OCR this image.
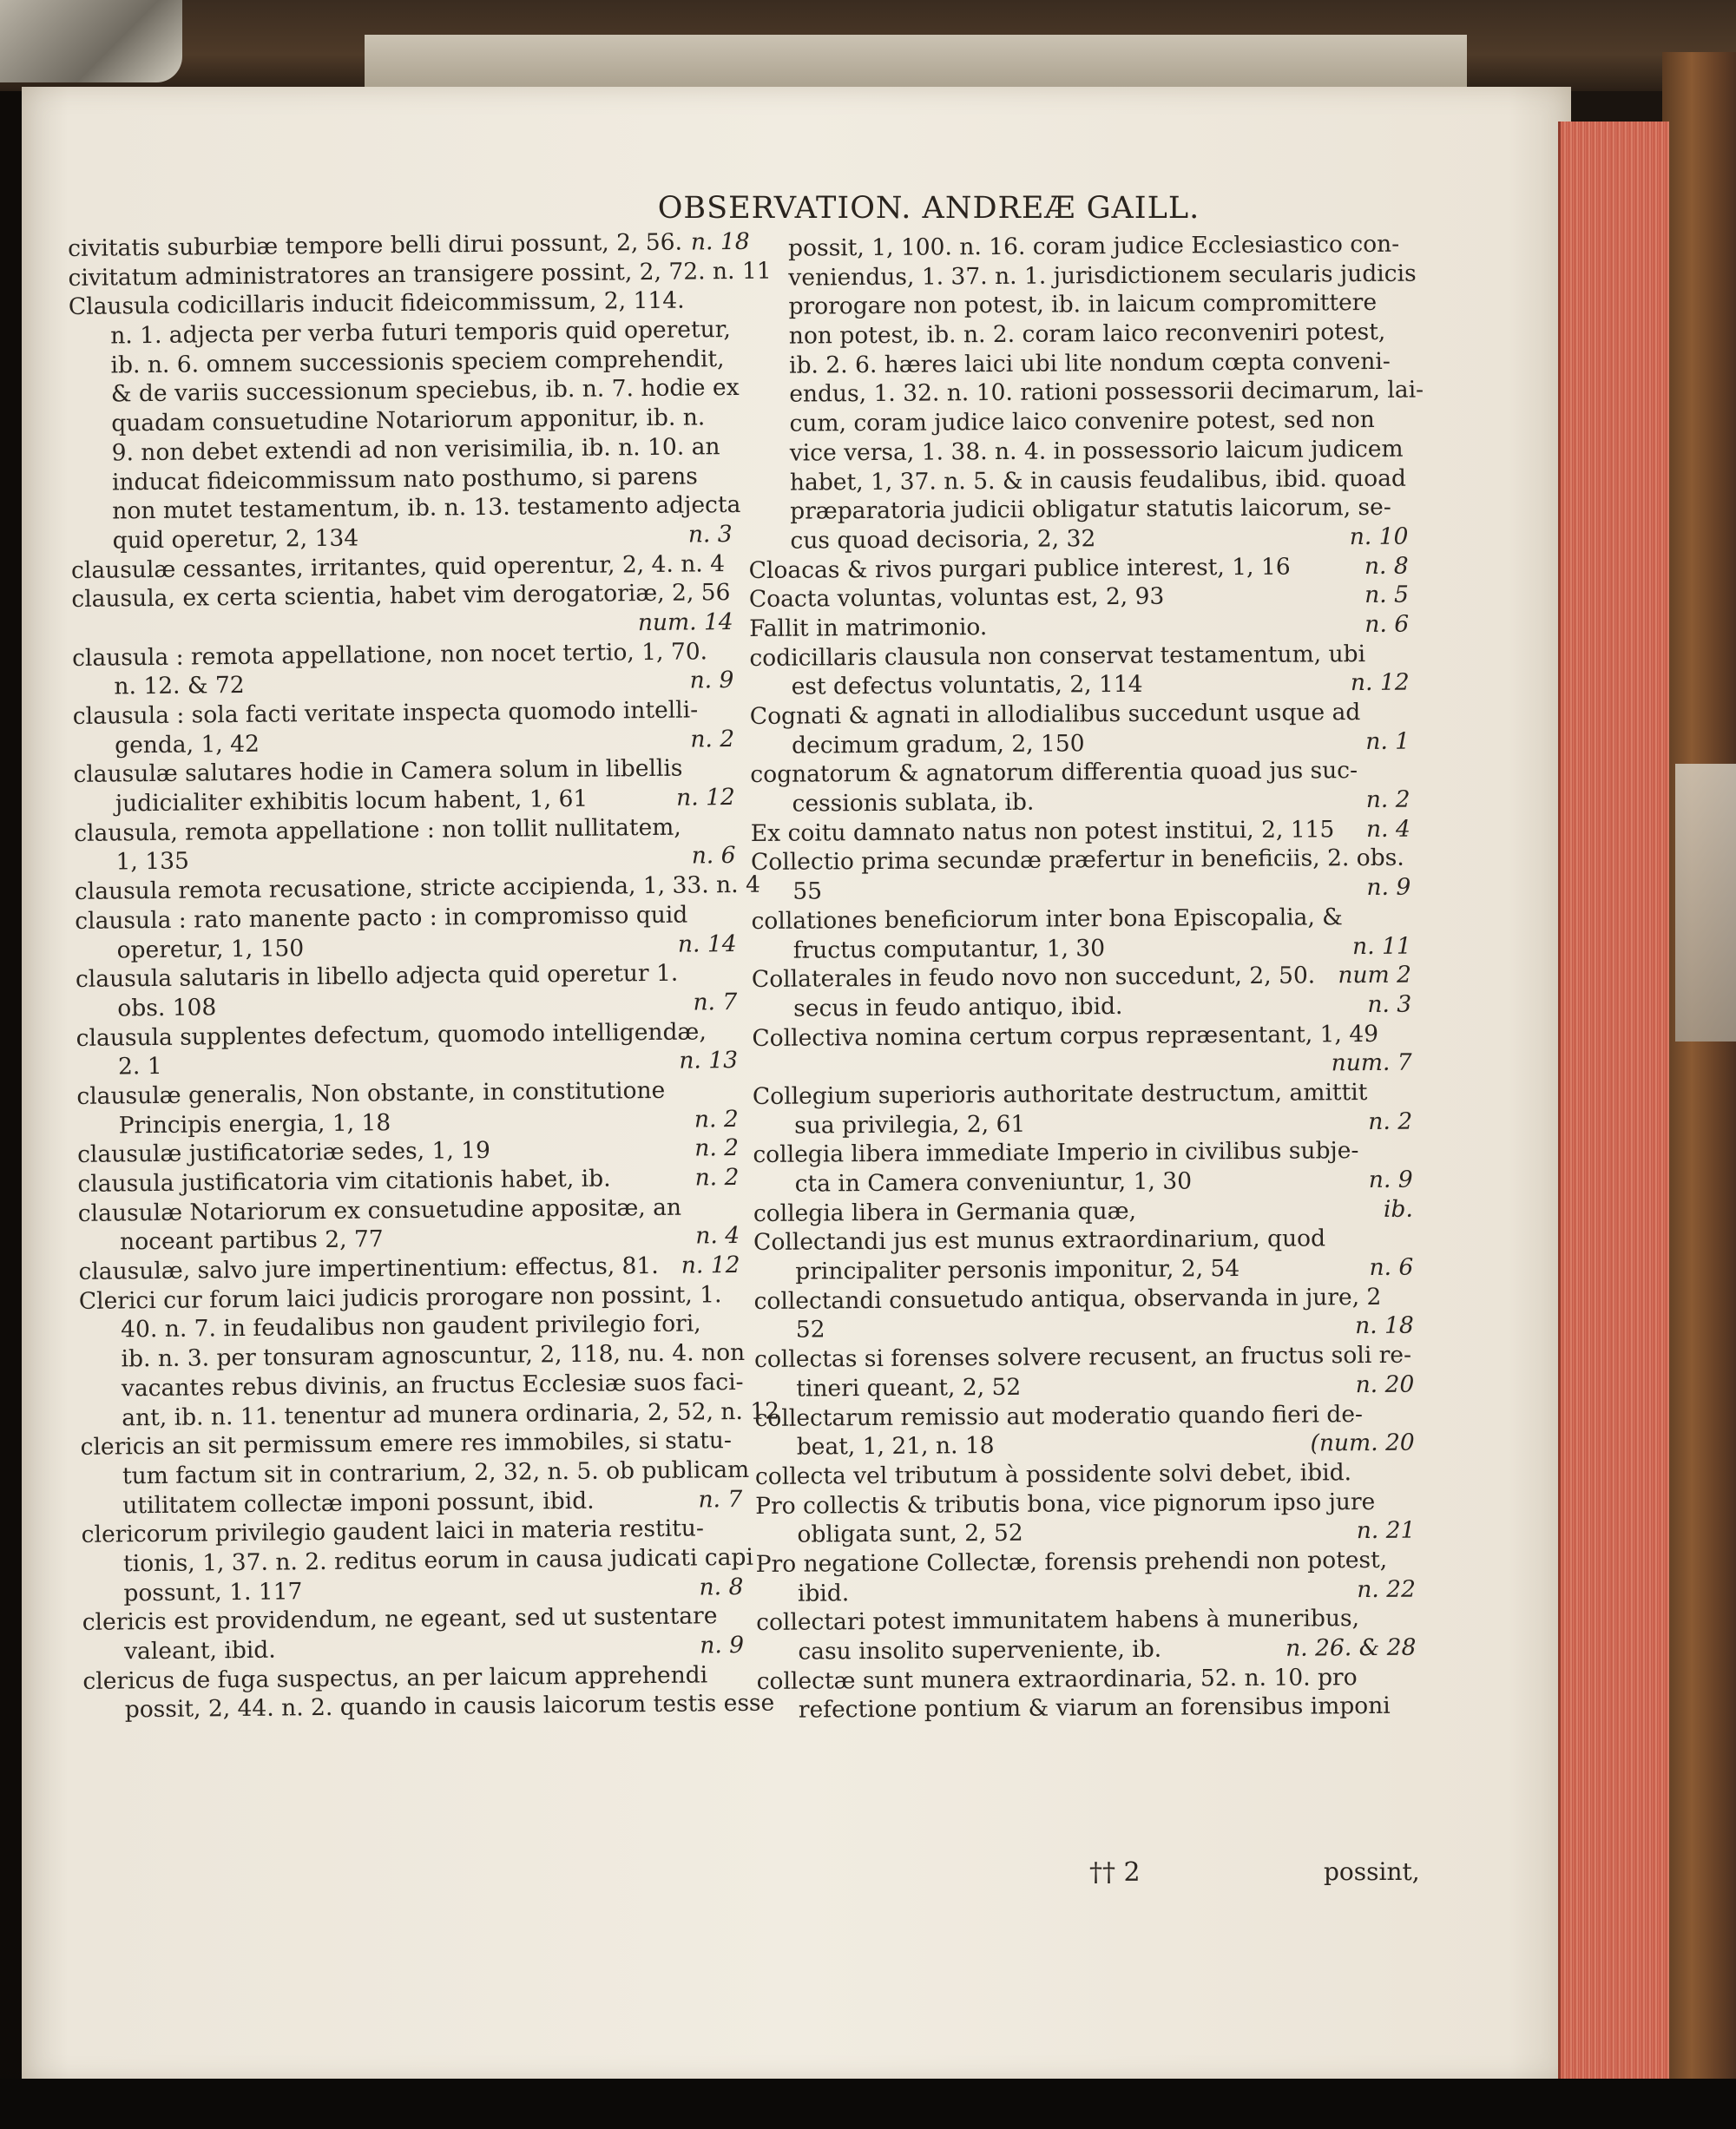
OBSERVATION. ANDREÆ GAILL.
civitatis suburbiæ tempore belli dirui possunt, 2, 56. n. 18
civitatum administratores an transigere possint, 2, 72. n. 11
Clausula codicillaris inducit fideicommissum, 2, 114.
n. 1. adjecta per verba futuri temporis quid operetur,
ib. n. 6. omnem successionis speciem comprehendit,
& de variis successionum speciebus, ib. n. 7. hodie ex
quadam consuetudine Notariorum apponitur, ib. n.
9. non debet extendi ad non verisimilia, ib. n. 10. an
inducat fideicommissum nato posthumo, si parens
non mutet testamentum, ib. n. 13. testamento adjecta
quid operetur, 2, 134	n. 3
clausulæ cessantes, irritantes, quid operentur, 2, 4. n. 4
clausula, ex certa scientia, habet vim derogatoriæ, 2, 56
num. 14
clausula : remota appellatione, non nocet tertio, 1, 70.
n. 12. & 72	n. 9
clausula : sola facti veritate inspecta quomodo intelli-
genda, 1, 42	n. 2
clausulæ salutares hodie in Camera solum in libellis
judicialiter exhibitis locum habent, 1, 61	n. 12
clausula, remota appellatione : non tollit nullitatem,
1, 135	n. 6
clausula remota recusatione, stricte accipienda, 1, 33. n. 4
clausula : rato manente pacto : in compromisso quid
operetur, 1, 150	n. 14
clausula salutaris in libello adjecta quid operetur 1.
obs. 108	n. 7
clausula supplentes defectum, quomodo intelligendæ,
2. 1	n. 13
clausulæ generalis, Non obstante, in constitutione
Principis energia, 1, 18	n. 2
clausulæ justificatoriæ sedes, 1, 19	n. 2
clausula justificatoria vim citationis habet, ib.	n. 2
clausulæ Notariorum ex consuetudine appositæ, an
noceant partibus 2, 77	n. 4
clausulæ, salvo jure impertinentium: effectus, 81. n. 12
Clerici cur forum laici judicis prorogare non possint, 1.
40. n. 7. in feudalibus non gaudent privilegio fori,
ib. n. 3. per tonsuram agnoscuntur, 2, 118, nu. 4. non
vacantes rebus divinis, an fructus Ecclesiæ suos faci-
ant, ib. n. 11. tenentur ad munera ordinaria, 2, 52, n. 12
clericis an sit permissum emere res immobiles, si statu-
tum factum sit in contrarium, 2, 32, n. 5. ob publicam
utilitatem collectæ imponi possunt, ibid.	n. 7
clericorum privilegio gaudent laici in materia restitu-
tionis, 1, 37. n. 2. reditus eorum in causa judicati capi
possunt, 1. 117	n. 8
clericis est providendum, ne egeant, sed ut sustentare
valeant, ibid.	n. 9
clericus de fuga suspectus, an per laicum apprehendi
possit, 2, 44. n. 2. quando in causis laicorum testis esse
possit, 1, 100. n. 16. coram judice Ecclesiastico con-
veniendus, 1. 37. n. 1. jurisdictionem secularis judicis
prorogare non potest, ib. in laicum compromittere
non potest, ib. n. 2. coram laico reconveniri potest,
ib. 2. 6. hæres laici ubi lite nondum cœpta conveni-
endus, 1. 32. n. 10. rationi possessorii decimarum, lai-
cum, coram judice laico convenire potest, sed non
vice versa, 1. 38. n. 4. in possessorio laicum judicem
habet, 1, 37. n. 5. & in causis feudalibus, ibid. quoad
præparatoria judicii obligatur statutis laicorum, se-
cus quoad decisoria, 2, 32	n. 10
Cloacas & rivos purgari publice interest, 1, 16	n. 8
Coacta voluntas, voluntas est, 2, 93	n. 5
Fallit in matrimonio.	n. 6
codicillaris clausula non conservat testamentum, ubi
est defectus voluntatis, 2, 114	n. 12
Cognati & agnati in allodialibus succedunt usque ad
decimum gradum, 2, 150	n. 1
cognatorum & agnatorum differentia quoad jus suc-
cessionis sublata, ib.	n. 2
Ex coitu damnato natus non potest institui, 2, 115	n. 4
Collectio prima secundæ præfertur in beneficiis, 2. obs.
55	n. 9
collationes beneficiorum inter bona Episcopalia, &
fructus computantur, 1, 30	n. 11
Collaterales in feudo novo non succedunt, 2, 50. num 2
secus in feudo antiquo, ibid.	n. 3
Collectiva nomina certum corpus repræsentant, 1, 49
num. 7
Collegium superioris authoritate destructum, amittit
sua privilegia, 2, 61	n. 2
collegia libera immediate Imperio in civilibus subje-
cta in Camera conveniuntur, 1, 30	n. 9
collegia libera in Germania quæ,	ib.
Collectandi jus est munus extraordinarium, quod
principaliter personis imponitur, 2, 54	n. 6
collectandi consuetudo antiqua, observanda in jure, 2
52	n. 18
collectas si forenses solvere recusent, an fructus soli re-
tineri queant, 2, 52	n. 20
collectarum remissio aut moderatio quando fieri de-
beat, 1, 21, n. 18	(num. 20
collecta vel tributum à possidente solvi debet, ibid.
Pro collectis & tributis bona, vice pignorum ipso jure
obligata sunt, 2, 52	n. 21
Pro negatione Collectæ, forensis prehendi non potest,
ibid.	n. 22
collectari potest immunitatem habens à muneribus,
casu insolito superveniente, ib.	n. 26. & 28
collectæ sunt munera extraordinaria, 52. n. 10. pro
refectione pontium & viarum an forensibus imponi
†† 2	possint,
